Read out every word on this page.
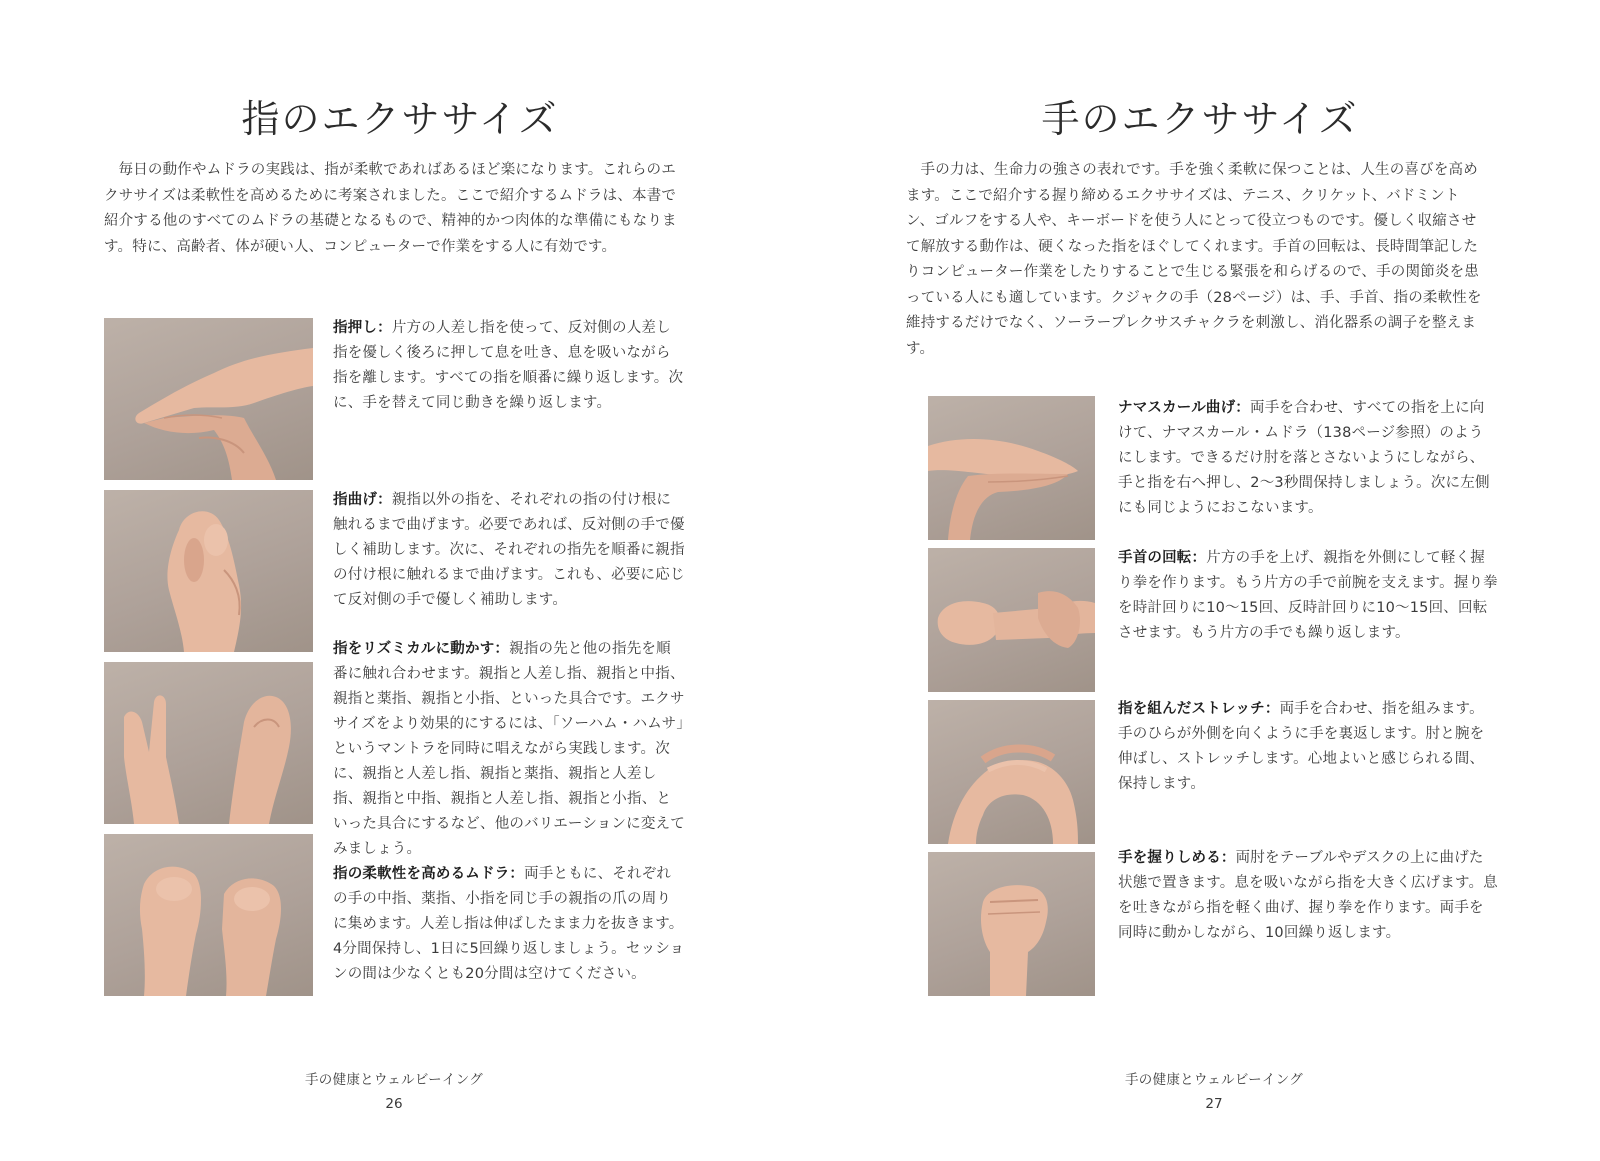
指のエクササイズ

毎日の動作やムドラの実践は、指が柔軟であればあるほど楽になります。これらのエクササイズは柔軟性を高めるために考案されました。ここで紹介するムドラは、本書で紹介する他のすべてのムドラの基礎となるもので、精神的かつ肉体的な準備にもなります。特に、高齢者、体が硬い人、コンピューターで作業をする人に有効です。

指押し：片方の人差し指を使って、反対側の人差し指を優しく後ろに押して息を吐き、息を吸いながら指を離します。すべての指を順番に繰り返します。次に、手を替えて同じ動きを繰り返します。

指曲げ：親指以外の指を、それぞれの指の付け根に触れるまで曲げます。必要であれば、反対側の手で優しく補助します。次に、それぞれの指先を順番に親指の付け根に触れるまで曲げます。これも、必要に応じて反対側の手で優しく補助します。

指をリズミカルに動かす：親指の先と他の指先を順番に触れ合わせます。親指と人差し指、親指と中指、親指と薬指、親指と小指、といった具合です。エクササイズをより効果的にするには、「ソーハム・ハムサ」というマントラを同時に唱えながら実践します。次に、親指と人差し指、親指と薬指、親指と人差し指、親指と中指、親指と人差し指、親指と小指、といった具合にするなど、他のバリエーションに変えてみましょう。

指の柔軟性を高めるムドラ：両手ともに、それぞれの手の中指、薬指、小指を同じ手の親指の爪の周りに集めます。人差し指は伸ばしたまま力を抜きます。4分間保持し、1日に5回繰り返しましょう。セッションの間は少なくとも20分間は空けてください。

手の健康とウェルビーイング
26
手のエクササイズ

手の力は、生命力の強さの表れです。手を強く柔軟に保つことは、人生の喜びを高めます。ここで紹介する握り締めるエクササイズは、テニス、クリケット、バドミントン、ゴルフをする人や、キーボードを使う人にとって役立つものです。優しく収縮させて解放する動作は、硬くなった指をほぐしてくれます。手首の回転は、長時間筆記したりコンピューター作業をしたりすることで生じる緊張を和らげるので、手の関節炎を患っている人にも適しています。クジャクの手（28ページ）は、手、手首、指の柔軟性を維持するだけでなく、ソーラープレクサスチャクラを刺激し、消化器系の調子を整えます。

ナマスカール曲げ：両手を合わせ、すべての指を上に向けて、ナマスカール・ムドラ（138ページ参照）のようにします。できるだけ肘を落とさないようにしながら、手と指を右へ押し、2～3秒間保持しましょう。次に左側にも同じようにおこないます。

手首の回転：片方の手を上げ、親指を外側にして軽く握り拳を作ります。もう片方の手で前腕を支えます。握り拳を時計回りに10～15回、反時計回りに10～15回、回転させます。もう片方の手でも繰り返します。

指を組んだストレッチ：両手を合わせ、指を組みます。手のひらが外側を向くように手を裏返します。肘と腕を伸ばし、ストレッチします。心地よいと感じられる間、保持します。

手を握りしめる：両肘をテーブルやデスクの上に曲げた状態で置きます。息を吸いながら指を大きく広げます。息を吐きながら指を軽く曲げ、握り拳を作ります。両手を同時に動かしながら、10回繰り返します。

手の健康とウェルビーイング
27
